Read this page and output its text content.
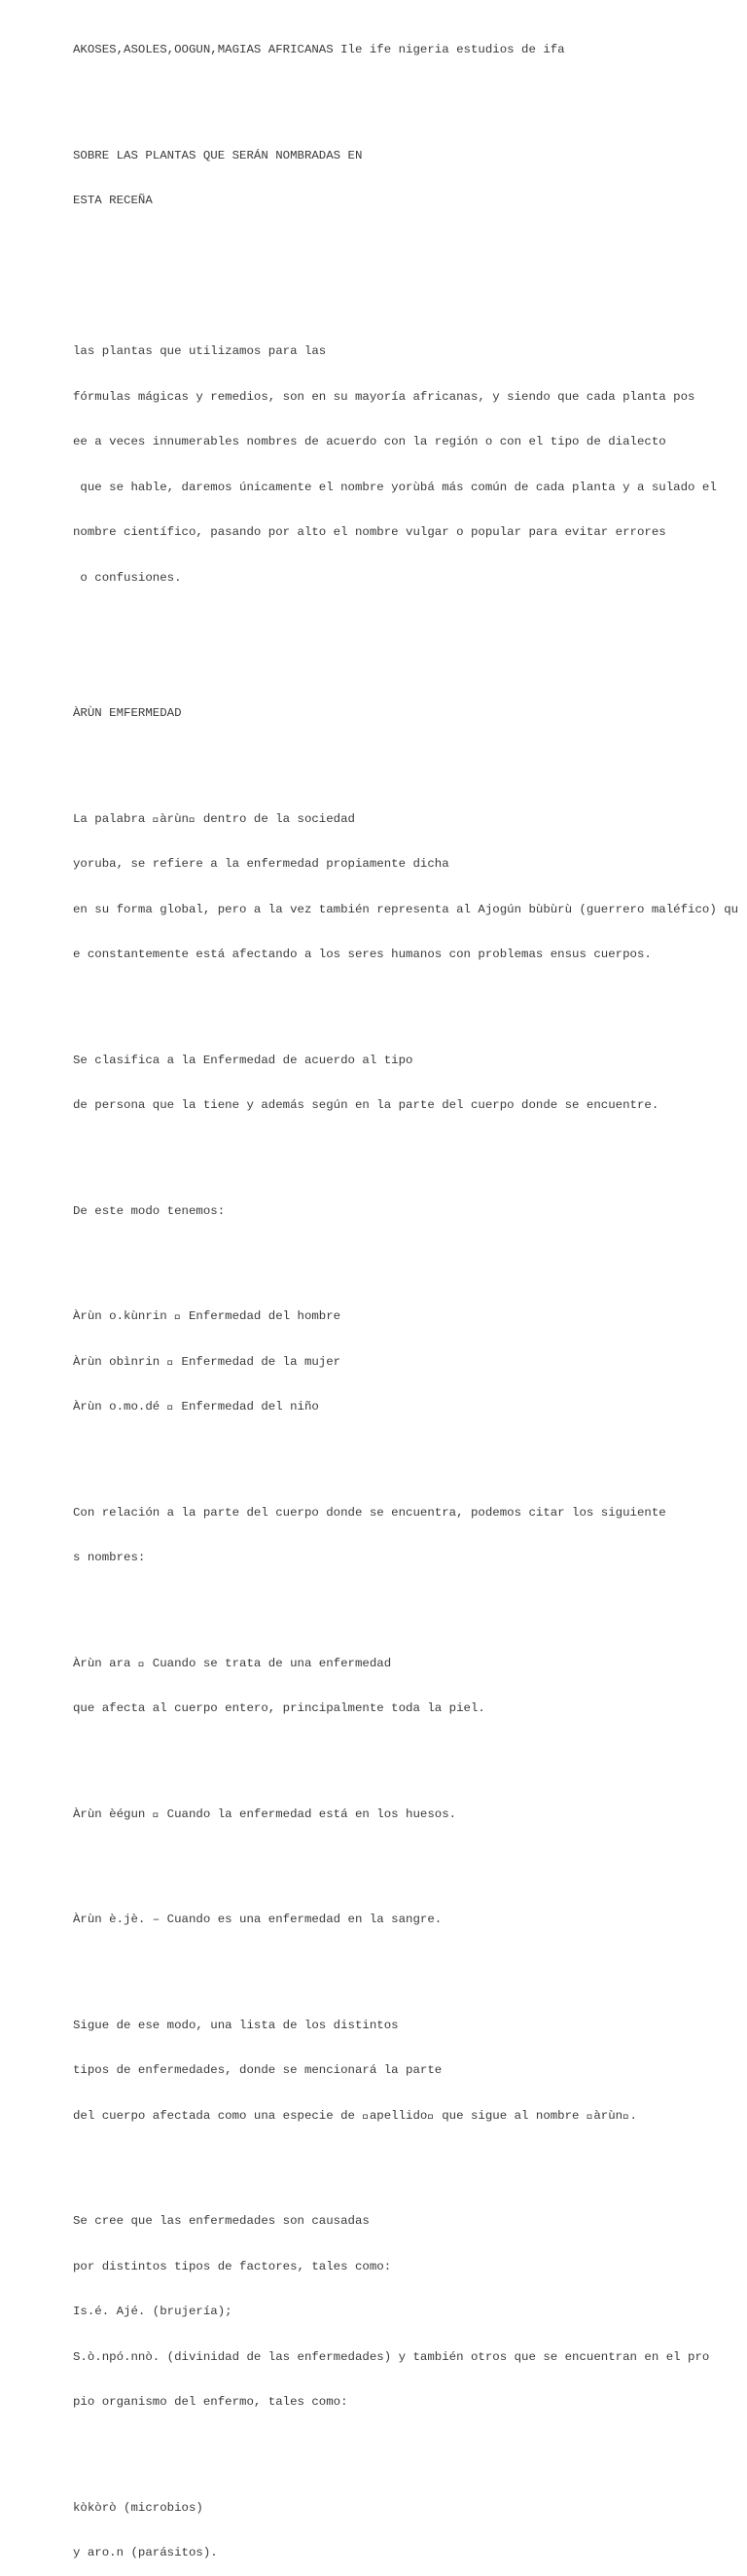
AKOSES,ASOLES,OOGUN,MAGIAS AFRICANAS Ile ife nigeria estudios de ifa

SOBRE LAS PLANTAS QUE SERÁN NOMBRADAS EN

ESTA RECEÑA

las plantas que utilizamos para las

fórmulas mágicas y remedios, son en su mayoría africanas, y siendo que cada planta pos

ee a veces innumerables nombres de acuerdo con la región o con el tipo de dialecto

que se hable, daremos únicamente el nombre yorùbá más común de cada planta y a sulado el

nombre científico, pasando por alto el nombre vulgar o popular para evitar errores

o confusiones.

ÀRÙN EMFERMEDAD

La palabra  àrùn  dentro de la sociedad

yoruba, se refiere a la enfermedad propiamente dicha

en su forma global, pero a la vez también representa al Ajogún bùbùrù (guerrero maléfico) qu

e constantemente está afectando a los seres humanos con problemas ensus cuerpos.

Se clasifica a la Enfermedad de acuerdo al tipo

de persona que la tiene y además según en la parte del cuerpo donde se encuentre.

De este modo tenemos:

Àrùn o.kùnrin   Enfermedad del hombre

Àrùn obìnrin   Enfermedad de la mujer

Àrùn o.mo.dé   Enfermedad del niño

Con relación a la parte del cuerpo donde se encuentra, podemos citar los siguiente

s nombres:

Àrùn ara   Cuando se trata de una enfermedad

que afecta al cuerpo entero, principalmente toda la piel.

Àrùn èégun   Cuando la enfermedad está en los huesos.

Àrùn è.jè. – Cuando es una enfermedad en la sangre.

Sigue de ese modo, una lista de los distintos

tipos de enfermedades, donde se mencionará la parte

del cuerpo afectada como una especie de  apellido  que sigue al nombre  àrùn .

Se cree que las enfermedades son causadas

por distintos tipos de factores, tales como:

Is.é. Ajé. (brujería);

S.ò.npó.nnò. (divinidad de las enfermedades) y también otros que se encuentran en el pro

pio organismo del enfermo, tales como:

kòkòrò (microbios)

y aro.n (parásitos).
